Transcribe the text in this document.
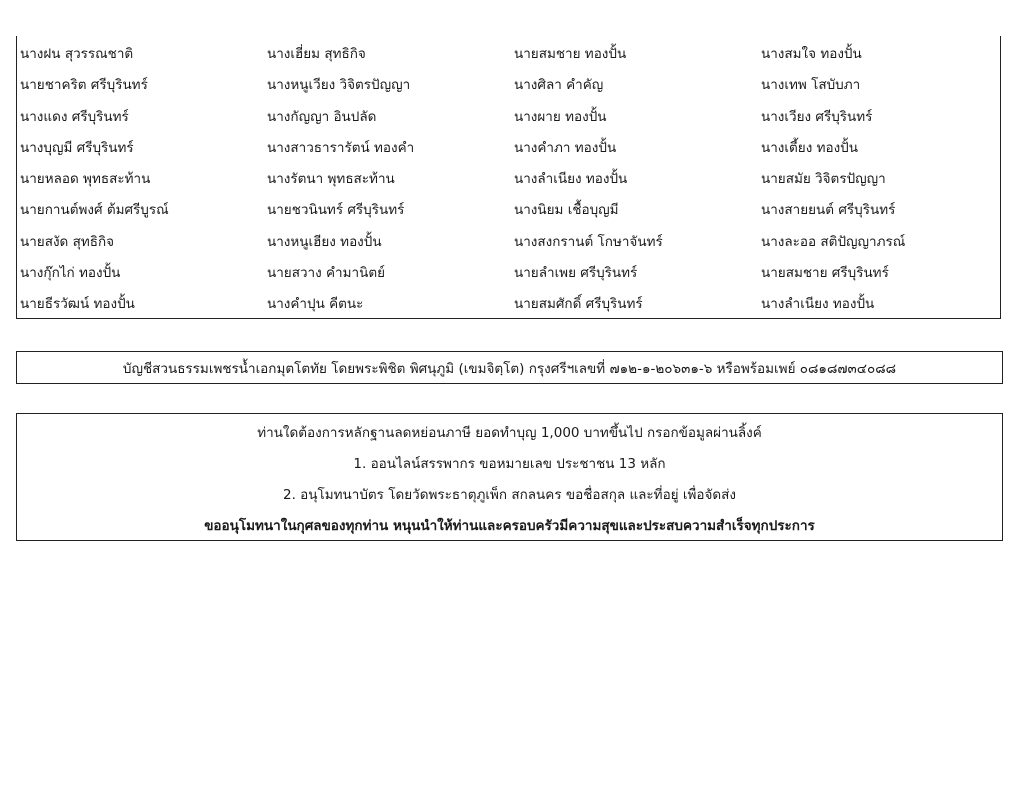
นางฝน สุวรรณชาติ	นางเฮี่ยม สุทธิกิจ	นายสมชาย ทองปั้น	นางสมใจ ทองปั้น
นายชาคริต ศรีบุรินทร์	นางหนูเวียง วิจิตรปัญญา	นางศิลา คำคัญ	นางเทพ โสบับภา
นางแดง ศรีบุรินทร์	นางกัญญา อินปลัด	นางผาย ทองปั้น	นางเวียง ศรีบุรินทร์
นางบุญมี ศรีบุรินทร์	นางสาวธารารัตน์ ทองคำ	นางคำภา ทองปั้น	นางเตี้ยง ทองปั้น
นายหลอด พุทธสะท้าน	นางรัตนา พุทธสะท้าน	นางลำเนียง ทองปั้น	นายสมัย วิจิตรปัญญา
นายกานต์พงศ์ ต้มศรีบูรณ์	นายชวนินทร์ ศรีบุรินทร์	นางนิยม เชื้อบุญมี	นางสายยนต์ ศรีบุรินทร์
นายสงัด สุทธิกิจ	นางหนูเฮียง ทองปั้น	นางสงกรานต์ โกษาจันทร์	นางละออ สติปัญญาภรณ์
นางกุ๊กไก่ ทองปั้น	นายสวาง คำมานิตย์	นายลำเพย ศรีบุรินทร์	นายสมชาย ศรีบุรินทร์
นายธีรวัฒน์ ทองปั้น	นางคำปุน คีตนะ	นายสมศักดิ์ ศรีบุรินทร์	นางลำเนียง ทองปั้น
บัญชีสวนธรรมเพชรน้ำเอกมุตโตทัย โดยพระพิชิต พิศนุภูมิ (เขมจิตฺโต) กรุงศรีฯเลขที่ ๗๑๒-๑-๒๐๖๓๑-๖ หรือพร้อมเพย์ ๐๘๑๘๗๓๔๐๘๘
ท่านใดต้องการหลักฐานลดหย่อนภาษี ยอดทำบุญ 1,000 บาทขึ้นไป กรอกข้อมูลผ่านลิ้งค์
1. ออนไลน์สรรพากร ขอหมายเลข ประชาชน 13 หลัก
2. อนุโมทนาบัตร โดยวัดพระธาตุภูเพ็ก สกลนคร ขอชื่อสกุล และที่อยู่ เพื่อจัดส่ง
ขออนุโมทนาในกุศลของทุกท่าน หนุนนำให้ท่านและครอบครัวมีความสุขและประสบความสำเร็จทุกประการ
